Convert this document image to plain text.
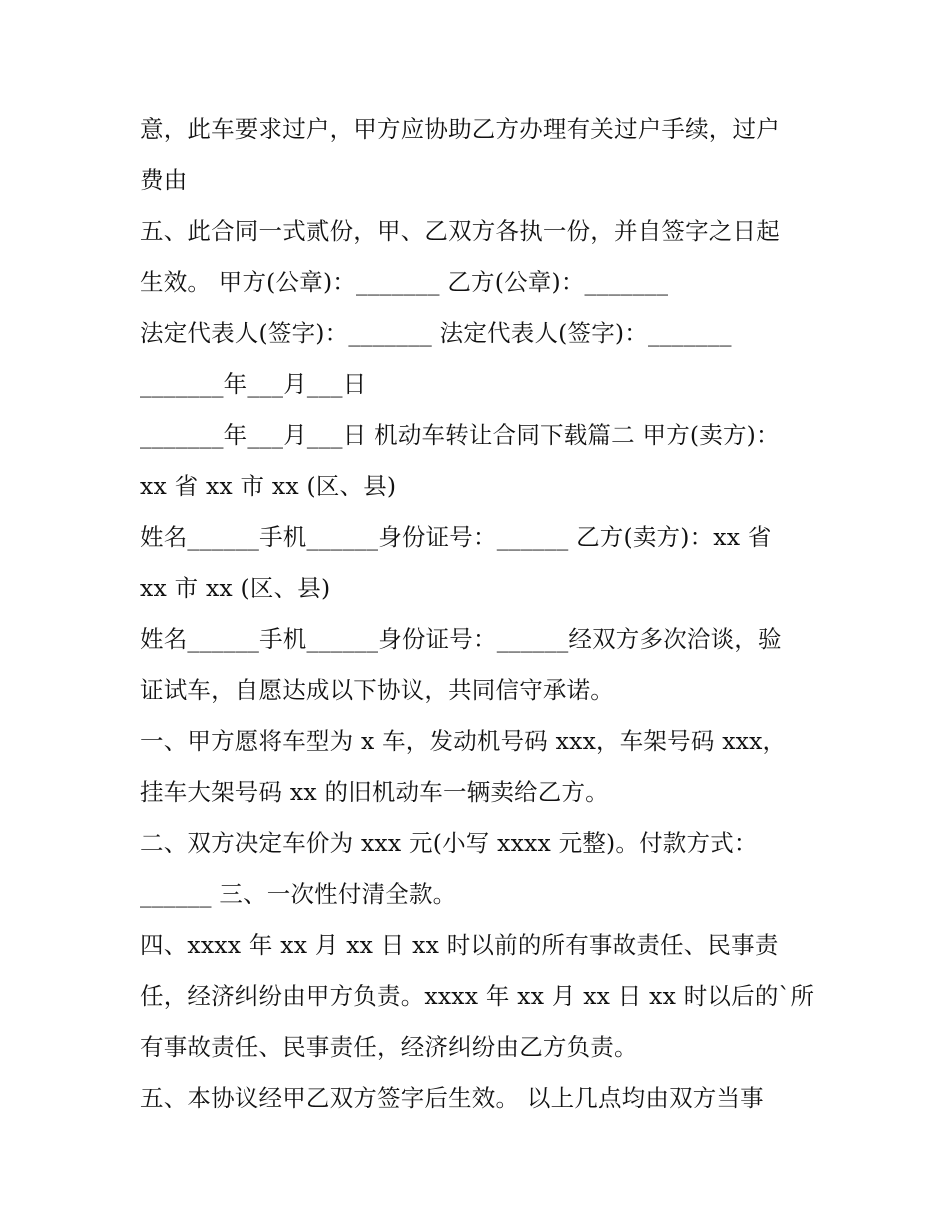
意，此车要求过户，甲方应协助乙方办理有关过户手续，过户
费由
五、此合同一式贰份，甲、乙双方各执一份，并自签字之日起
生效。 甲方(公章)：_______ 乙方(公章)：_______
法定代表人(签字)：_______ 法定代表人(签字)：_______
_______年___月___日
_______年___月___日 机动车转让合同下载篇二 甲方(卖方)：
xx 省 xx 市 xx (区、县)
姓名______手机______身份证号：______ 乙方(卖方)：xx 省
xx 市 xx (区、县)
姓名______手机______身份证号：______经双方多次洽谈，验
证试车，自愿达成以下协议，共同信守承诺。
一、甲方愿将车型为 x 车，发动机号码 xxx，车架号码 xxx，
挂车大架号码 xx 的旧机动车一辆卖给乙方。
二、双方决定车价为 xxx 元(小写 xxxx 元整)。付款方式：
______ 三、一次性付清全款。
四、xxxx 年 xx 月 xx 日 xx 时以前的所有事故责任、民事责
任，经济纠纷由甲方负责。xxxx 年 xx 月 xx 日 xx 时以后的`所
有事故责任、民事责任，经济纠纷由乙方负责。
五、本协议经甲乙双方签字后生效。 以上几点均由双方当事
